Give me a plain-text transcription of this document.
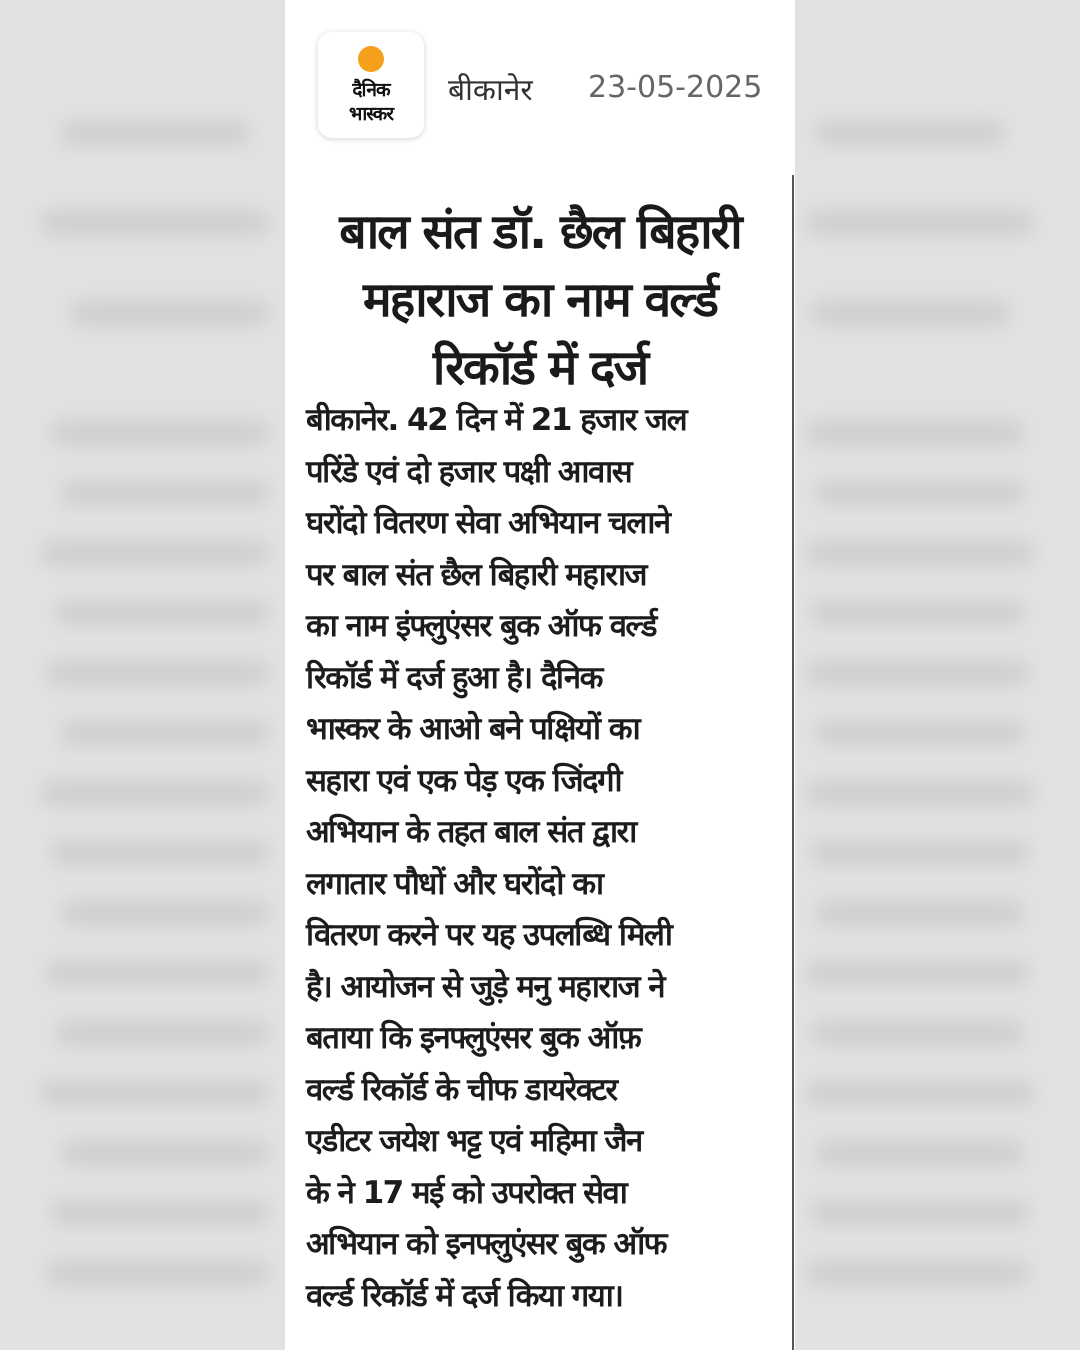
दैनिक
भास्कर
बीकानेर 23-05-2025
बाल संत डॉ. छैल बिहारी
महाराज का नाम वर्ल्ड
रिकॉर्ड में दर्ज
बीकानेर. 42 दिन में 21 हजार जल
परिंडे एवं दो हजार पक्षी आवास
घरोंदो वितरण सेवा अभियान चलाने
पर बाल संत छैल बिहारी महाराज
का नाम इंफ्लुएंसर बुक ऑफ वर्ल्ड
रिकॉर्ड में दर्ज हुआ है। दैनिक
भास्कर के आओ बने पक्षियों का
सहारा एवं एक पेड़ एक जिंदगी
अभियान के तहत बाल संत द्वारा
लगातार पौधों और घरोंदो का
वितरण करने पर यह उपलब्धि मिली
है। आयोजन से जुड़े मनु महाराज ने
बताया कि इनफ्लुएंसर बुक ऑफ़
वर्ल्ड रिकॉर्ड के चीफ डायरेक्टर
एडीटर जयेश भट्ट एवं महिमा जैन
के ने 17 मई को उपरोक्त सेवा
अभियान को इनफ्लुएंसर बुक ऑफ
वर्ल्ड रिकॉर्ड में दर्ज किया गया।
